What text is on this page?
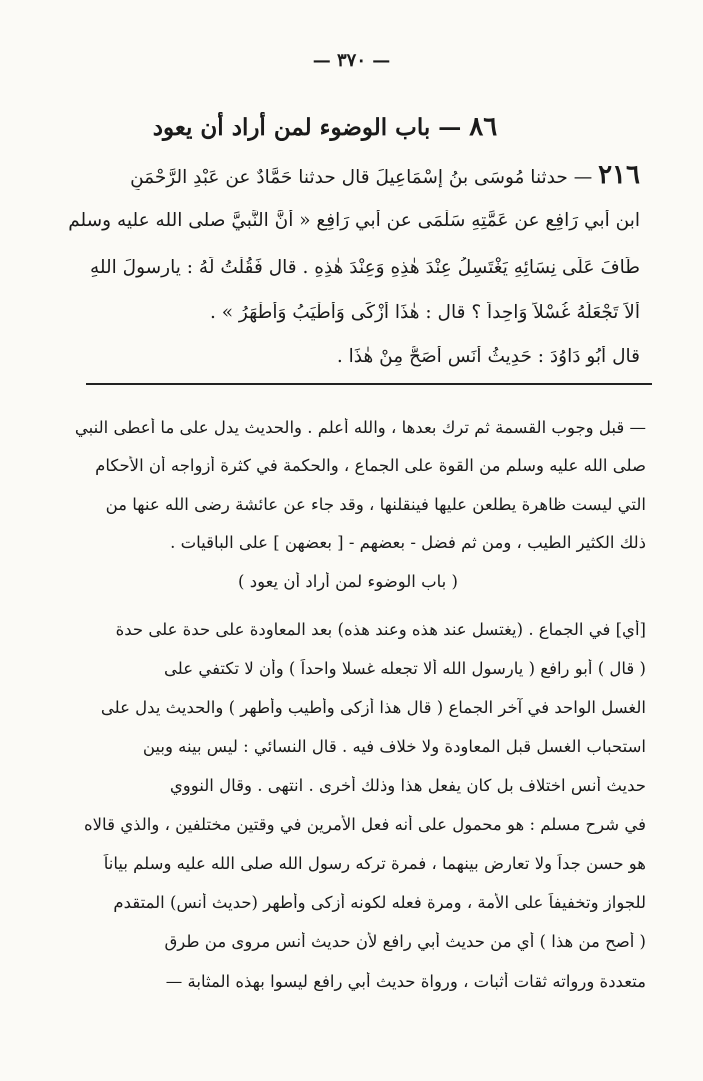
— ٣٧٠ —
٨٦ — باب الوضوء لمن أراد أن يعود
٢١٦ — حدثنا مُوسَى بنُ إسْمَاعِيلَ قال حدثنا حَمَّادٌ عن عَبْدِ الرَّحْمَنِ
ابنِ أبي رَافِعٍ عن عَمَّتِهِ سَلْمَى عن أبي رَافِعٍ « أنَّ النَّبيَّ صلى الله عليه وسلم
طَافَ عَلَى نِسَائِهِ يَغْتَسِلُ عِنْدَ هٰذِهِ وَعِنْدَ هٰذِهِ . قال فَقُلْتُ لَهُ : يارسولَ اللهِ
ألاَ تَجْعَلُهُ غُسْلاً وَاحِداً ؟ قال : هٰذَا أزْكَى وَأطْيَبُ وَأطْهَرُ » .
قال أبُو دَاوُدَ : حَدِيثُ أنَسٍ أصَحُّ مِنْ هٰذَا .
— قبل وجوب القسمة ثم ترك بعدها ، والله أعلم . والحديث يدل على ما أعطى النبي
صلى الله عليه وسلم من القوة على الجماع ، والحكمة في كثرة أزواجه أن الأحكام
التي ليست ظاهرة يطلعن عليها فينقلنها ، وقد جاء عن عائشة رضى الله عنها من
ذلك الكثير الطيب ، ومن ثم فضل - بعضهم - [ بعضهن ] على الباقيات .
( باب الوضوء لمن أراد أن يعود )
[أي] في الجماع . (يغتسل عند هذه وعند هذه) بعد المعاودة على حدة على حدة
( قال ) أبو رافع ( يارسول الله ألا تجعله غسلا واحداً ) وأن لا تكتفي على
الغسل الواحد في آخر الجماع ( قال هذا أزكى وأطيب وأطهر ) والحديث يدل على
استحباب الغسل قبل المعاودة ولا خلاف فيه . قال النسائي : ليس بينه وبين
حديث أنس اختلاف بل كان يفعل هذا وذلك أخرى . انتهى . وقال النووي
في شرح مسلم : هو محمول على أنه فعل الأمرين في وقتين مختلفين ، والذي قالاه
هو حسن جداً ولا تعارض بينهما ، فمرة تركه رسول الله صلى الله عليه وسلم بياناً
للجواز وتخفيفاً على الأمة ، ومرة فعله لكونه أزكى وأطهر (حديث أنس) المتقدم
( أصح من هذا ) أي من حديث أبي رافع لأن حديث أنس مروى من طرق
متعددة ورواته ثقات أثبات ، ورواة حديث أبي رافع ليسوا بهذه المثابة —
